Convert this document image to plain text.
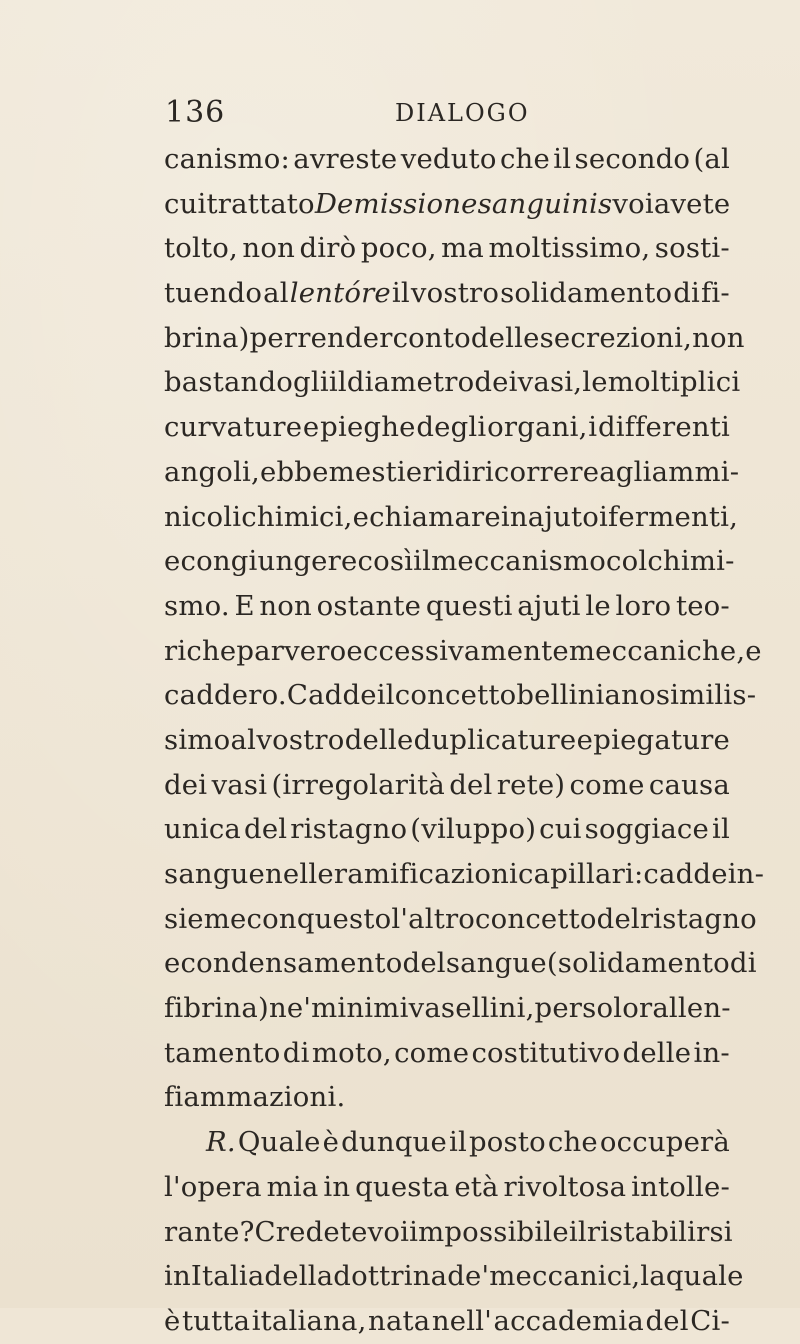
136	DIALOGO
canismo: avreste veduto che il secondo (al
cui trattato De missione sanguinis voi avete
tolto, non dirò poco, ma moltissimo, sosti-
tuendo al lentóre il vostro solidamento di fi-
brina) per render conto delle secrezioni, non
bastandogli il diametro dei vasi, le moltiplici
curvature e pieghe degli organi, i differenti
angoli, ebbe mestieri di ricorrere agli ammi-
nicoli chimici, e chiamare in ajuto i fermenti,
e congiungere così il meccanismo col chimi-
smo. E non ostante questi ajuti le loro teo-
riche parvero eccessivamente meccaniche , e
caddero. Cadde il concetto belliniano similis-
simo al vostro delle duplicature e piegature
dei vasi (irregolarità del rete) come causa
unica del ristagno (viluppo) cui soggiace il
sangue nelle ramificazioni capillari: cadde in-
sieme con questo l'altro concetto del ristagno
e condensamento del sangue (solidamento di
fibrina) ne' minimi vasellini, per solo rallen-
tamento di moto, come costitutivo delle in-
fiammazioni.
R. Quale è dunque il posto che occuperà
l'opera mia in questa età rivoltosa intolle-
rante? Credete voi impossibile il ristabilirsi
in Italia della dottrina de' meccanici, la quale
è tutta italiana, nata nell' accademia del Ci-
